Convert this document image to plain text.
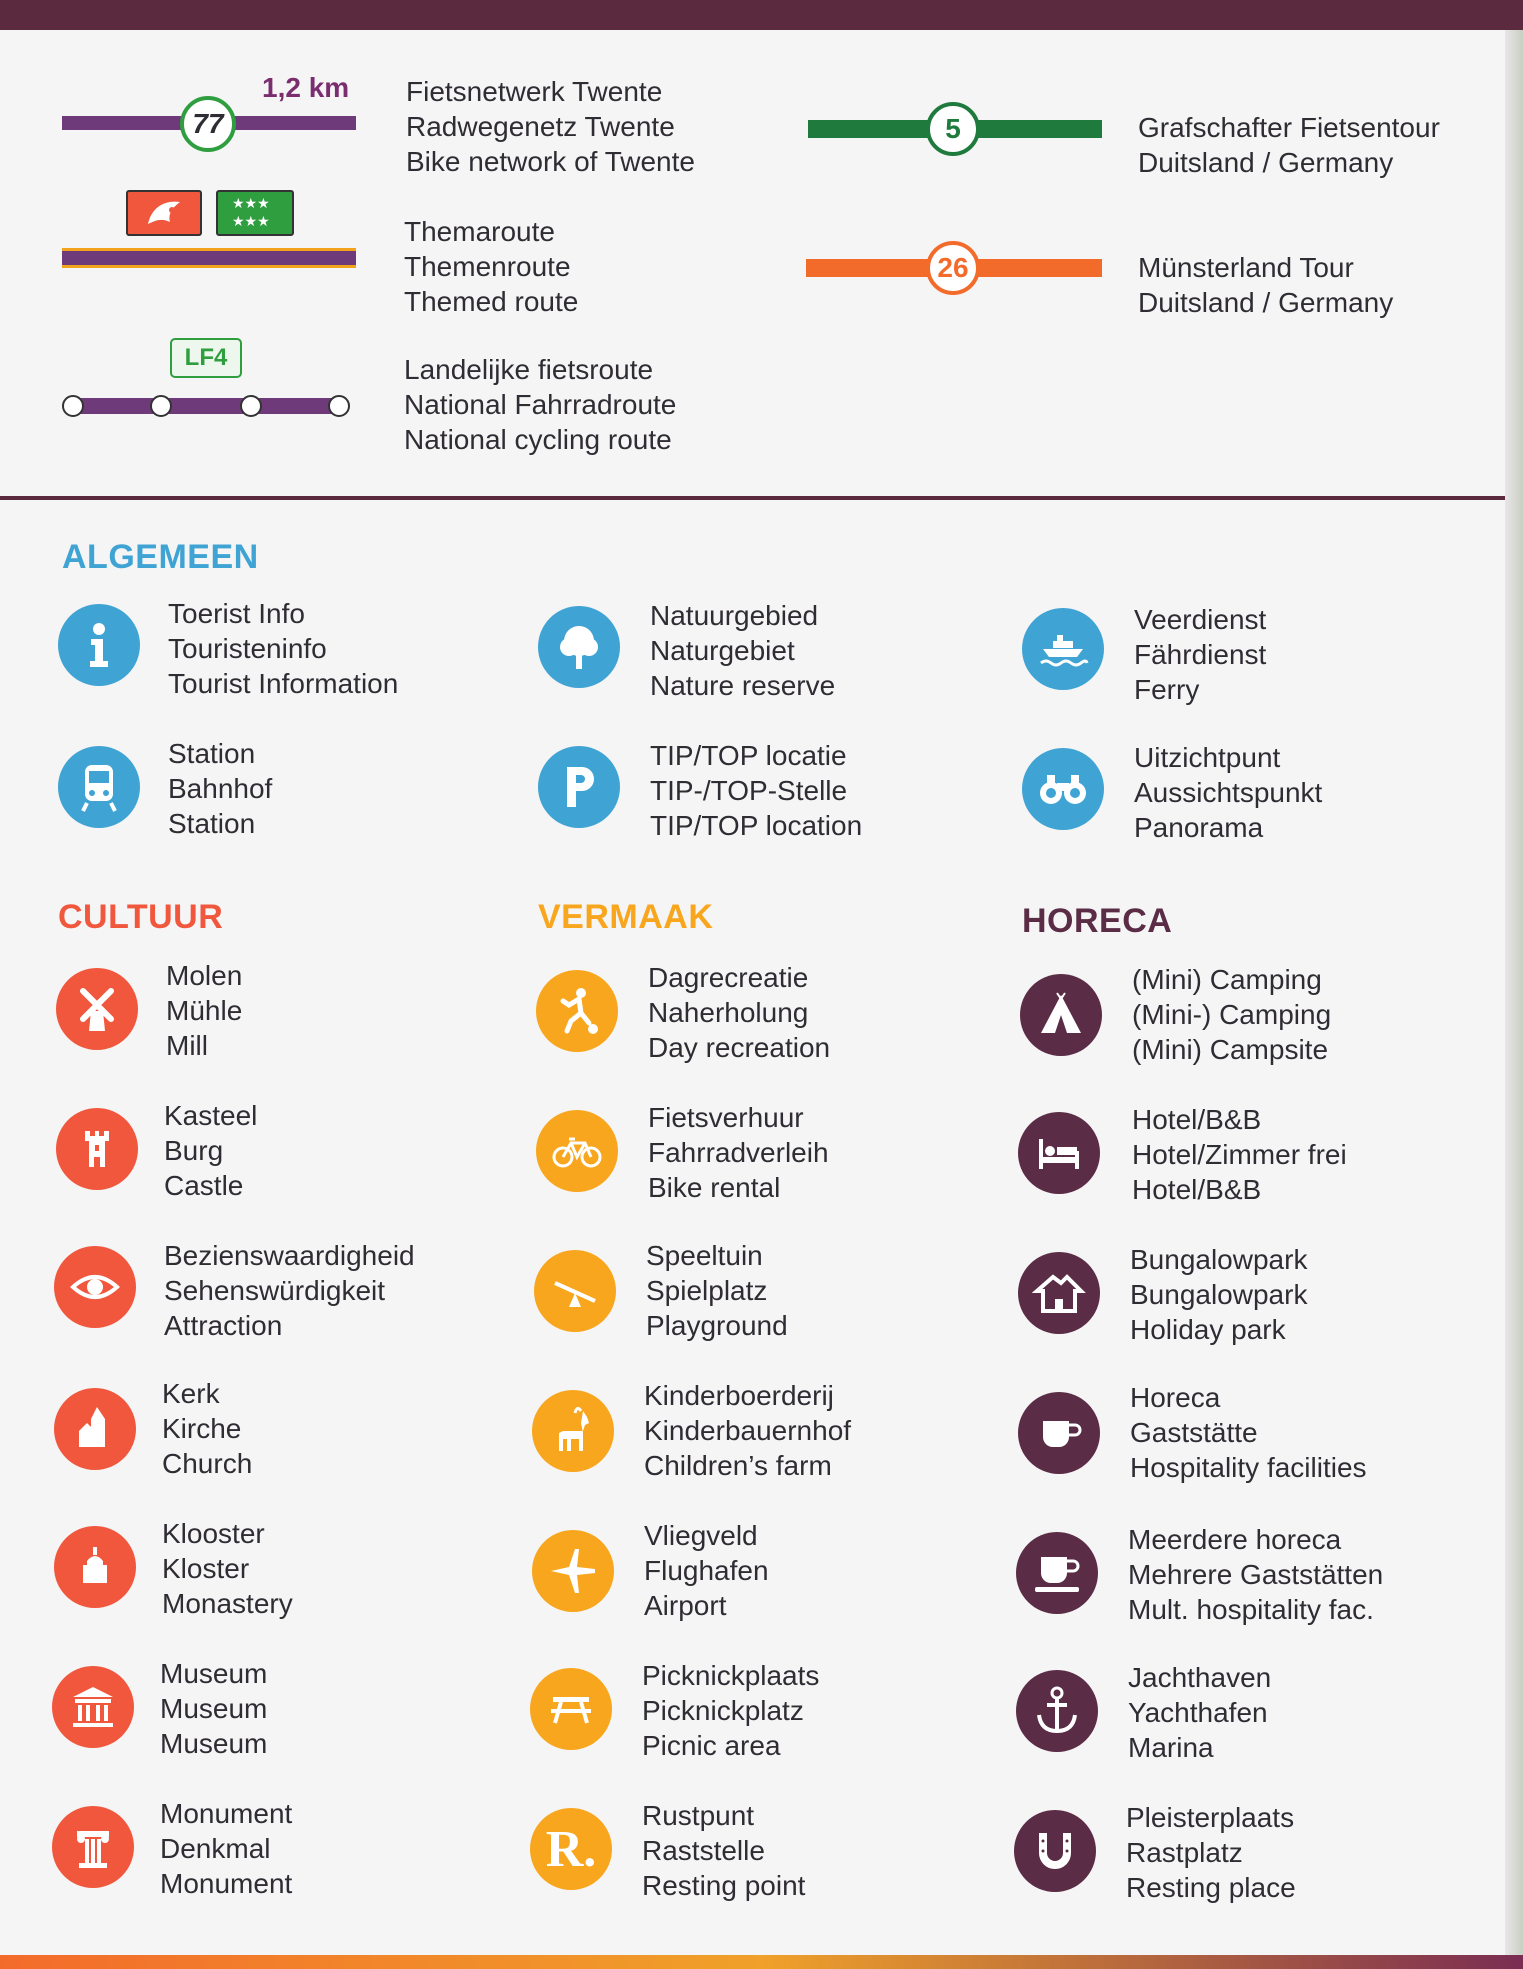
77
1,2 km Fietsnetwerk Twente
Radwegenetz Twente
Bike network of Twente
★★★
★★★	Themaroute
Themenroute
Themed route
LF4	Landelijke fietsroute
National Fahrradroute
National cycling route
5	Grafschafter Fietsentour
Duitsland / Germany
26	Münsterland Tour
Duitsland / Germany
ALGEMEEN
Toerist Info
Touristeninfo
Tourist Information
Natuurgebied
Naturgebiet
Nature reserve
Veerdienst
Fährdienst
Ferry
Station
Bahnhof
Station
TIP/TOP locatie
TIP-/TOP-Stelle
TIP/TOP location
Uitzichtpunt
Aussichtspunkt
Panorama
CULTUUR
Molen
Mühle
Mill
Kasteel
Burg
Castle
Bezienswaardigheid
Sehenswürdigkeit
Attraction
Kerk
Kirche
Church
Klooster
Kloster
Monastery
Museum
Museum
Museum
Monument
Denkmal
Monument
VERMAAK
Dagrecreatie
Naherholung
Day recreation
Fietsverhuur
Fahrradverleih
Bike rental
Speeltuin
Spielplatz
Playground
Kinderboerderij
Kinderbauernhof
Children’s farm
Vliegveld
Flughafen
Airport
Picknickplaats
Picknickplatz
Picnic area
R.
Rustpunt
Raststelle
Resting point
HORECA
(Mini) Camping
(Mini-) Camping
(Mini) Campsite
Hotel/B&B
Hotel/Zimmer frei
Hotel/B&B
Bungalowpark
Bungalowpark
Holiday park
Horeca
Gaststätte
Hospitality facilities
Meerdere horeca
Mehrere Gaststätten
Mult. hospitality fac.
Jachthaven
Yachthafen
Marina
Pleisterplaats
Rastplatz
Resting place
